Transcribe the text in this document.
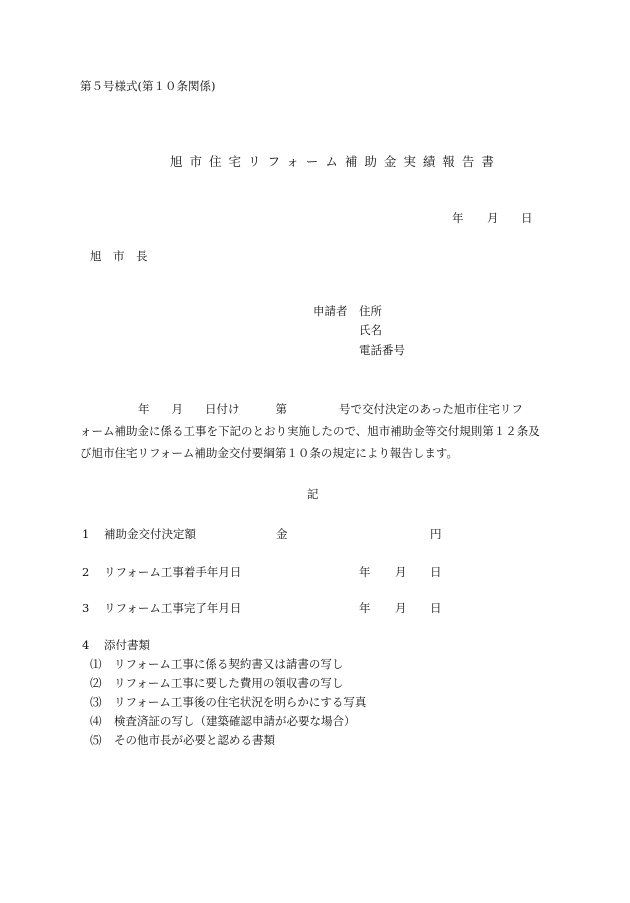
第５号様式(第１０条関係)
旭市住宅リフォーム補助金実績報告書
年 月 日
旭　市　長
申請者 住所
氏名
電話番号
年 月 日付け	第	号で交付決定のあった旭市住宅リフ
ォーム補助金に係る工事を下記のとおり実施したので、旭市補助金等交付規則第１２条及
び旭市住宅リフォーム補助金交付要綱第１０条の規定により報告します。
記
1 補助金交付決定額	金	円
2 リフォーム工事着手年月日	年 月 日
3 リフォーム工事完了年月日	年 月 日
4 添付書類
⑴ リフォーム工事に係る契約書又は請書の写し
⑵ リフォーム工事に要した費用の領収書の写し
⑶ リフォーム工事後の住宅状況を明らかにする写真
⑷ 検査済証の写し（建築確認申請が必要な場合）
⑸ その他市長が必要と認める書類
